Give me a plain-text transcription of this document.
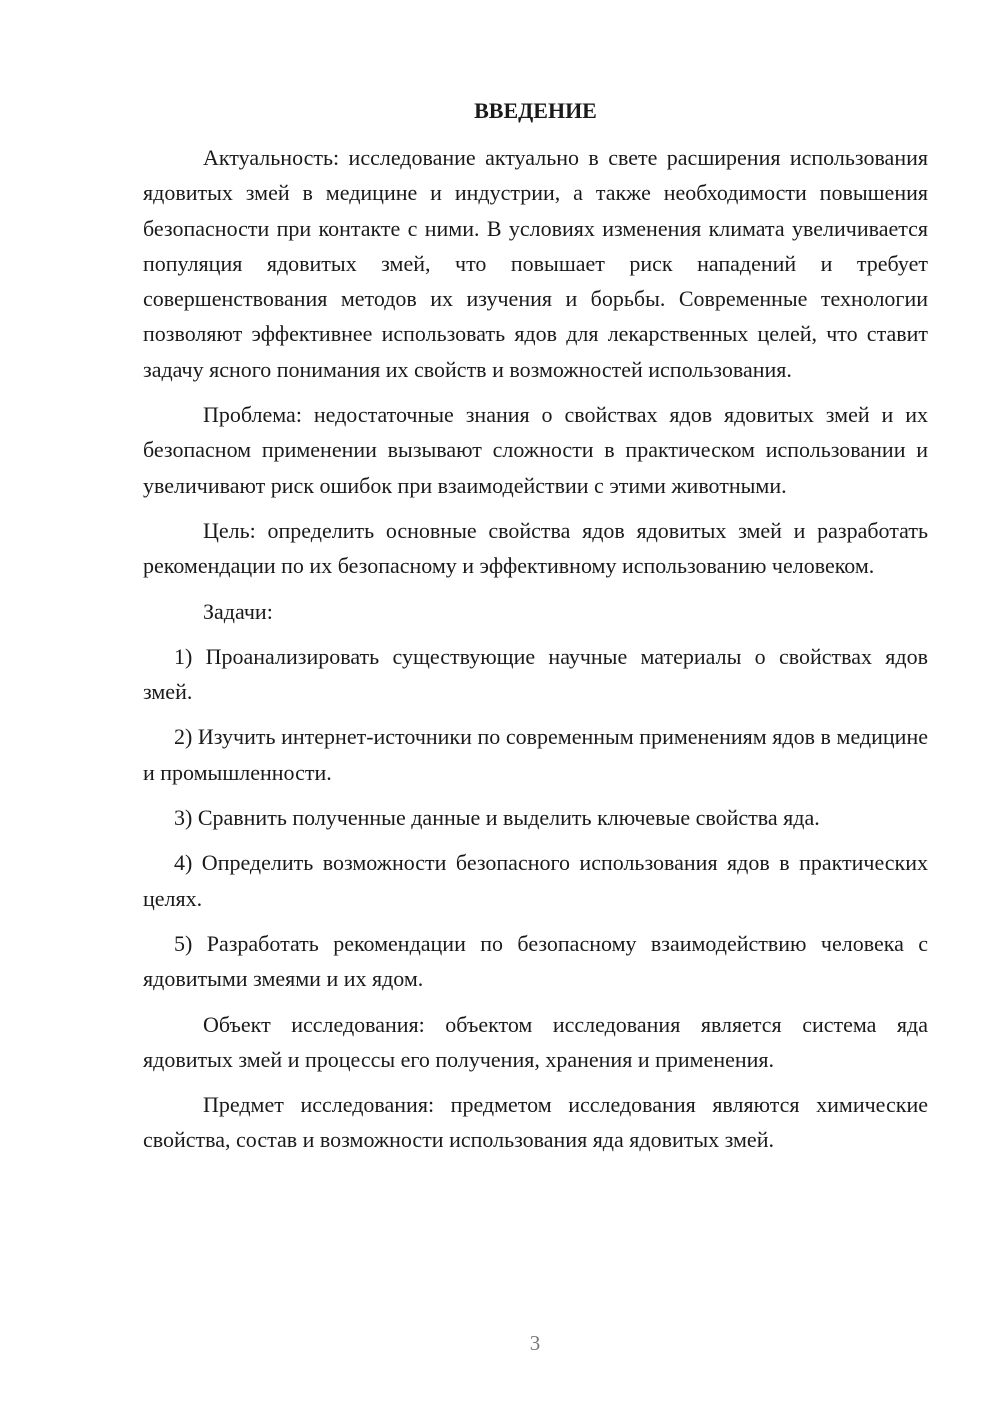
ВВЕДЕНИЕ

Актуальность: исследование актуально в свете расширения использования ядовитых змей в медицине и индустрии, а также необходимости повышения безопасности при контакте с ними. В условиях изменения климата увеличивается популяция ядовитых змей, что повышает риск нападений и требует совершенствования методов их изучения и борьбы. Современные технологии позволяют эффективнее использовать ядов для лекарственных целей, что ставит задачу ясного понимания их свойств и возможностей использования.

Проблема: недостаточные знания о свойствах ядов ядовитых змей и их безопасном применении вызывают сложности в практическом использовании и увеличивают риск ошибок при взаимодействии с этими животными.

Цель: определить основные свойства ядов ядовитых змей и разработать рекомендации по их безопасному и эффективному использованию человеком.

Задачи:

1) Проанализировать существующие научные материалы о свойствах ядов змей.

2) Изучить интернет-источники по современным применениям ядов в медицине и промышленности.

3) Сравнить полученные данные и выделить ключевые свойства яда.

4) Определить возможности безопасного использования ядов в практических целях.

5) Разработать рекомендации по безопасному взаимодействию человека с ядовитыми змеями и их ядом.

Объект исследования: объектом исследования является система яда ядовитых змей и процессы его получения, хранения и применения.

Предмет исследования: предметом исследования являются химические свойства, состав и возможности использования яда ядовитых змей.

3
